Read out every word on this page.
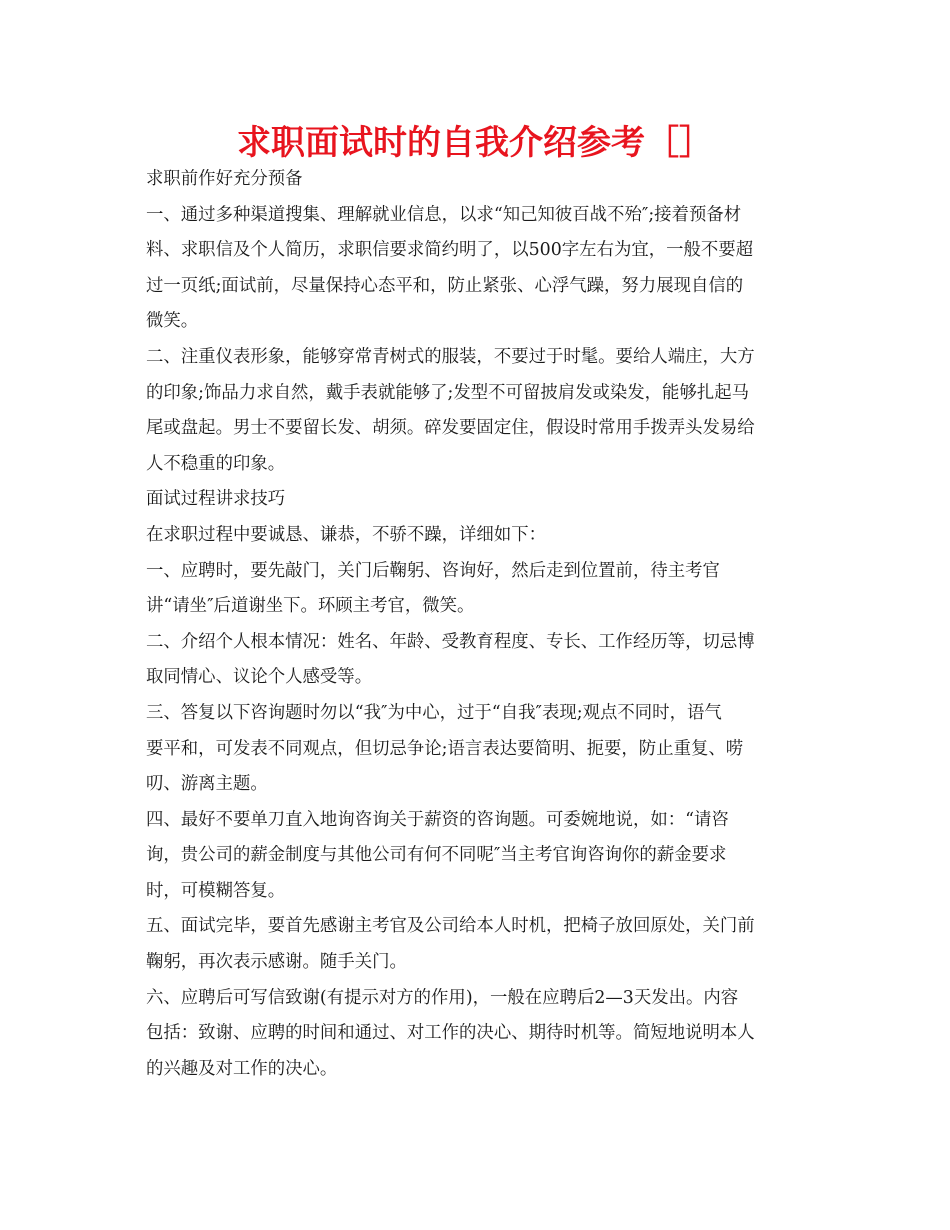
求职面试时的自我介绍参考［］

求职前作好充分预备

一、通过多种渠道搜集、理解就业信息，以求“知己知彼百战不殆″;接着预备材

料、求职信及个人简历，求职信要求简约明了，以500字左右为宜，一般不要超

过一页纸;面试前，尽量保持心态平和，防止紧张、心浮气躁，努力展现自信的

微笑。

二、注重仪表形象，能够穿常青树式的服装，不要过于时髦。要给人端庄，大方

的印象;饰品力求自然，戴手表就能够了;发型不可留披肩发或染发，能够扎起马

尾或盘起。男士不要留长发、胡须。碎发要固定住，假设时常用手拨弄头发易给

人不稳重的印象。

面试过程讲求技巧

在求职过程中要诚恳、谦恭，不骄不躁，详细如下：

一、应聘时，要先敲门，关门后鞠躬、咨询好，然后走到位置前，待主考官

讲“请坐″后道谢坐下。环顾主考官，微笑。

二、介绍个人根本情况：姓名、年龄、受教育程度、专长、工作经历等，切忌博

取同情心、议论个人感受等。

三、答复以下咨询题时勿以“我″为中心，过于“自我″表现;观点不同时，语气

要平和，可发表不同观点，但切忌争论;语言表达要简明、扼要，防止重复、唠

叨、游离主题。

四、最好不要单刀直入地询咨询关于薪资的咨询题。可委婉地说，如：“请咨

询，贵公司的薪金制度与其他公司有何不同呢″当主考官询咨询你的薪金要求

时，可模糊答复。

五、面试完毕，要首先感谢主考官及公司给本人时机，把椅子放回原处，关门前

鞠躬，再次表示感谢。随手关门。

六、应聘后可写信致谢(有提示对方的作用)，一般在应聘后2—3天发出。内容

包括：致谢、应聘的时间和通过、对工作的决心、期待时机等。简短地说明本人

的兴趣及对工作的决心。
